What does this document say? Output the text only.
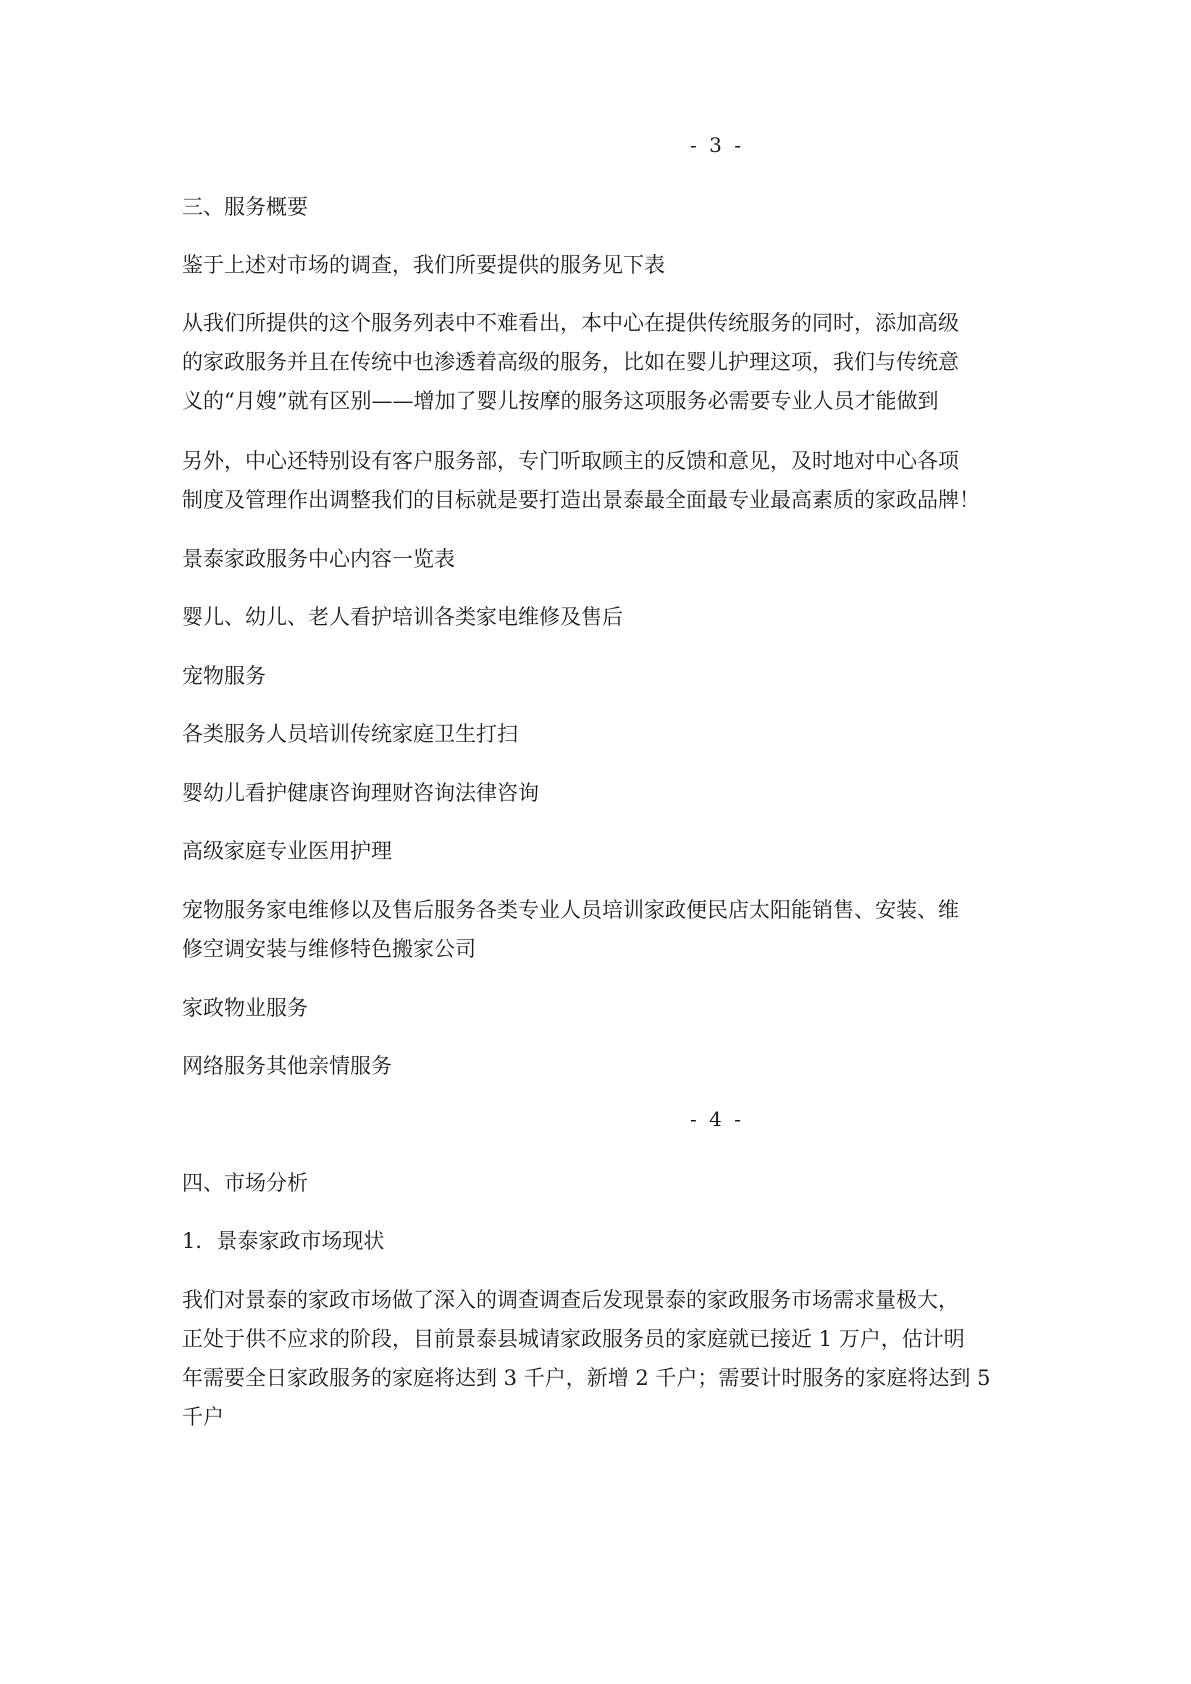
- 3 -
三、服务概要
鉴于上述对市场的调查，我们所要提供的服务见下表
从我们所提供的这个服务列表中不难看出，本中心在提供传统服务的同时，添加高级
的家政服务并且在传统中也渗透着高级的服务，比如在婴儿护理这项，我们与传统意
义的“月嫂”就有区别——增加了婴儿按摩的服务这项服务必需要专业人员才能做到
另外，中心还特别设有客户服务部，专门听取顾主的反馈和意见，及时地对中心各项
制度及管理作出调整我们的目标就是要打造出景泰最全面最专业最高素质的家政品牌！
景泰家政服务中心内容一览表
婴儿、幼儿、老人看护培训各类家电维修及售后
宠物服务
各类服务人员培训传统家庭卫生打扫
婴幼儿看护健康咨询理财咨询法律咨询
高级家庭专业医用护理
宠物服务家电维修以及售后服务各类专业人员培训家政便民店太阳能销售、安装、维
修空调安装与维修特色搬家公司
家政物业服务
网络服务其他亲情服务
- 4 -
四、市场分析
1．景泰家政市场现状
我们对景泰的家政市场做了深入的调查调查后发现景泰的家政服务市场需求量极大，
正处于供不应求的阶段，目前景泰县城请家政服务员的家庭就已接近 1 万户，估计明
年需要全日家政服务的家庭将达到 3 千户，新增 2 千户；需要计时服务的家庭将达到 5
千户
